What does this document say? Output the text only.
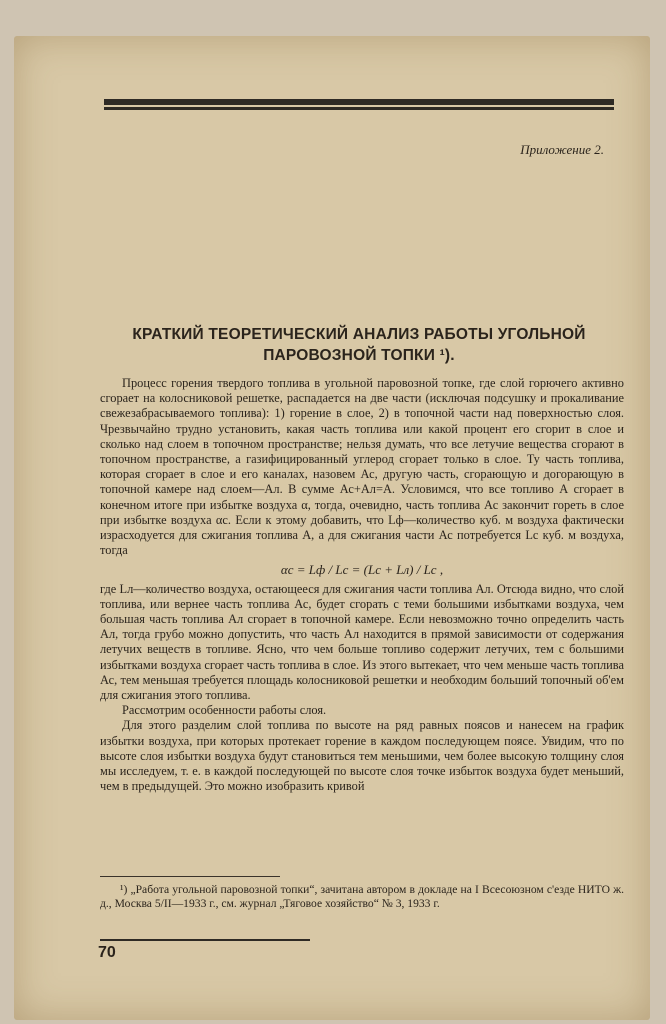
Приложение 2.
КРАТКИЙ ТЕОРЕТИЧЕСКИЙ АНАЛИЗ РАБОТЫ УГОЛЬНОЙ
ПАРОВОЗНОЙ ТОПКИ ¹).

Процесс горения твердого топлива в угольной паровозной топке, где слой горючего активно сгорает на колосниковой решетке, распадается на две части (исключая подсушку и прокаливание свежезабрасываемого топлива): 1) горение в слое, 2) в топочной части над поверхностью слоя. Чрезвычайно трудно установить, какая часть топлива или какой процент его сгорит в слое и сколько над слоем в топочном пространстве; нельзя думать, что все летучие вещества сгорают в топочном пространстве, а газифицированный углерод сгорает только в слое. Ту часть топлива, которая сгорает в слое и его каналах, назовем Ас, другую часть, сгорающую и догорающую в топочной камере над слоем—Ал. В сумме Ас+Ал=А. Условимся, что все топливо А сгорает в конечном итоге при избытке воздуха α, тогда, очевидно, часть топлива Ас закончит гореть в слое при избытке воздуха αc. Если к этому добавить, что Lф—количество куб. м воздуха фактически израсходуется для сжигания топлива А, а для сжигания части Ас потребуется Lc куб. м воздуха, тогда

αc = Lф / Lc = (Lc + Lл) / Lc ,

где Lл—количество воздуха, остающееся для сжигания части топлива Ал. Отсюда видно, что слой топлива, или вернее часть топлива Ас, будет сгорать с теми большими избытками воздуха, чем большая часть топлива Ал сгорает в топочной камере. Если невозможно точно определить часть Ал, тогда грубо можно допустить, что часть Ал находится в прямой зависимости от содержания летучих веществ в топливе. Ясно, что чем больше топливо содержит летучих, тем с большими избытками воздуха сгорает часть топлива в слое. Из этого вытекает, что чем меньше часть топлива Ас, тем меньшая требуется площадь колосниковой решетки и необходим больший топочный об'ем для сжигания этого топлива.

Рассмотрим особенности работы слоя.

Для этого разделим слой топлива по высоте на ряд равных поясов и нанесем на график избытки воздуха, при которых протекает горение в каждом последующем поясе. Увидим, что по высоте слоя избытки воздуха будут становиться тем меньшими, чем более высокую толщину слоя мы исследуем, т. е. в каждой последующей по высоте слоя точке избыток воздуха будет меньший, чем в предыдущей. Это можно изобразить кривой

¹) „Работа угольной паровозной топки“, зачитана автором в докладе на I Всесоюзном с'езде НИТО ж. д., Москва 5/II—1933 г., см. журнал „Тяговое хозяйство“ № 3, 1933 г.
70
